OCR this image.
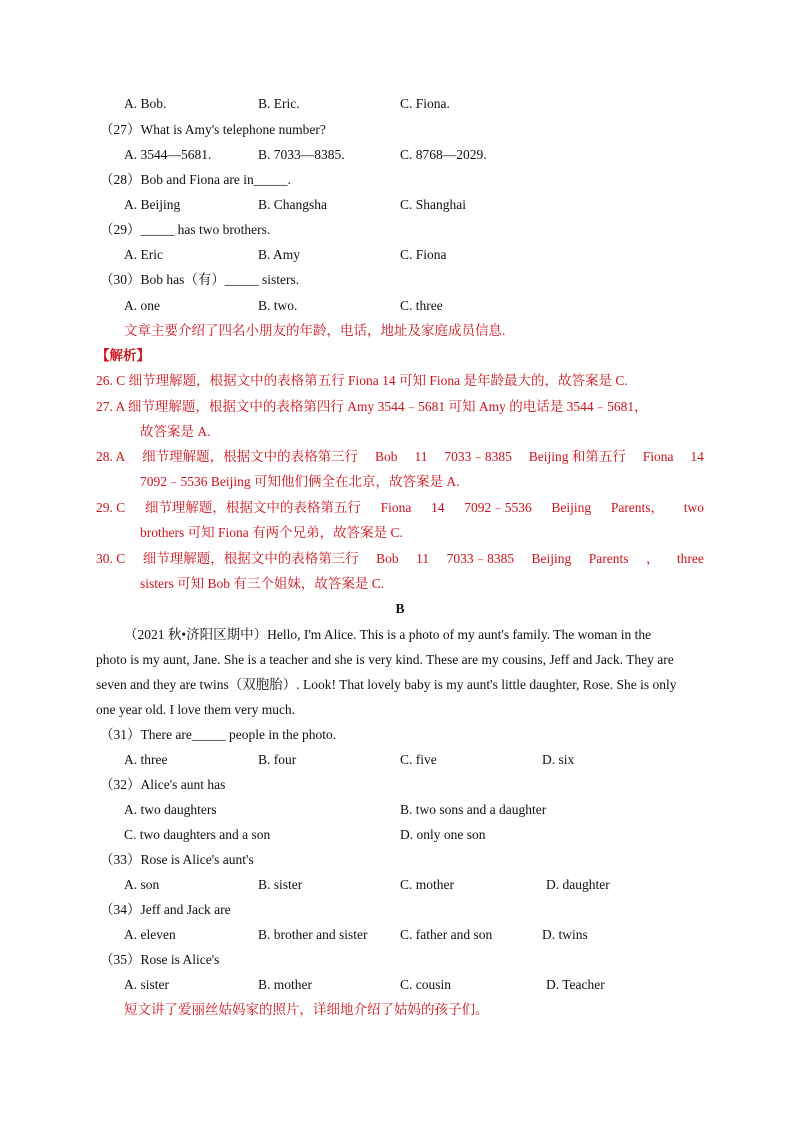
A. Bob.	B. Eric.	C. Fiona.
（27）What is Amy's telephone number?
A. 3544—5681.	B. 7033—8385.	C. 8768—2029.
（28）Bob and Fiona are in_____.
A. Beijing	B. Changsha	C. Shanghai
（29）_____ has two brothers.
A. Eric	B. Amy	C. Fiona
（30）Bob has（有）_____ sisters.
A. one	B. two.	C. three
文章主要介绍了四名小朋友的年龄，电话，地址及家庭成员信息.
【解析】
26. C 细节理解题，根据文中的表格第五行 Fiona 14 可知 Fiona 是年龄最大的，故答案是 C.
27. A 细节理解题，根据文中的表格第四行 Amy 3544﹣5681 可知 Amy 的电话是 3544﹣5681，
故答案是 A.
28. A 细节理解题，根据文中的表格第三行 Bob 11 7033﹣8385 Beijing 和第五行 Fiona 14
7092﹣5536 Beijing 可知他们俩全在北京，故答案是 A.
29. C 细节理解题，根据文中的表格第五行 Fiona 14 7092﹣5536 Beijing Parents， two
brothers 可知 Fiona 有两个兄弟，故答案是 C.
30. C 细节理解题，根据文中的表格第三行 Bob 11 7033﹣8385 Beijing Parents ， three
sisters 可知 Bob 有三个姐妹，故答案是 C.
B
（2021 秋•济阳区期中）Hello, I'm Alice. This is a photo of my aunt's family. The woman in the
photo is my aunt, Jane. She is a teacher and she is very kind. These are my cousins, Jeff and Jack. They are
seven and they are twins（双胞胎）. Look! That lovely baby is my aunt's little daughter, Rose. She is only
one year old. I love them very much.
（31）There are_____ people in the photo.
A. three	B. four	C. five	D. six
（32）Alice's aunt has
A. two daughters	B. two sons and a daughter
C. two daughters and a son	D. only one son
（33）Rose is Alice's aunt's
A. son	B. sister	C. mother	D. daughter
（34）Jeff and Jack are
A. eleven	B. brother and sister C. father and son	D. twins
（35）Rose is Alice's
A. sister	B. mother	C. cousin	D. Teacher
短文讲了爱丽丝姑妈家的照片，详细地介绍了姑妈的孩子们。
